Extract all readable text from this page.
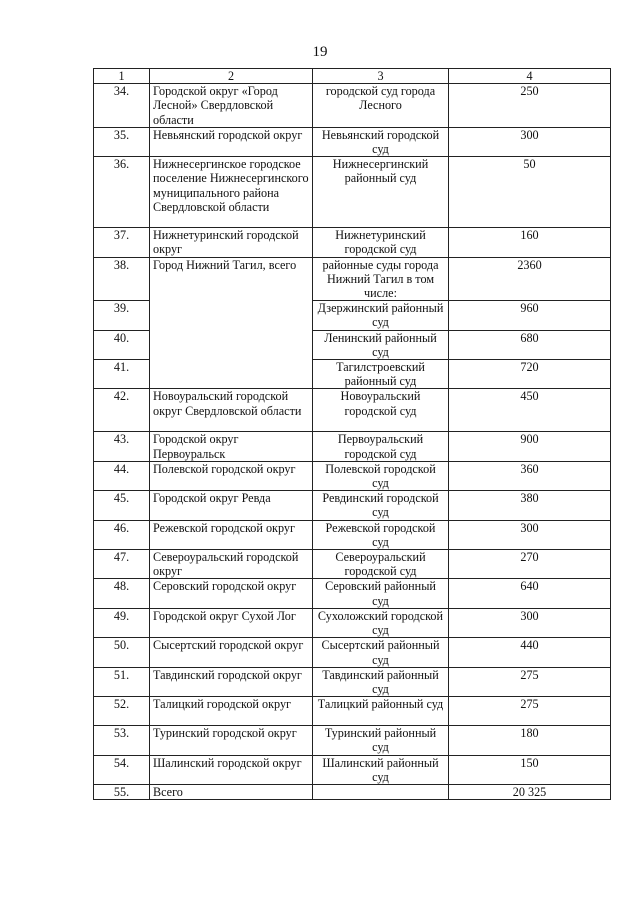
19
1	2	3	4
34.	Городской округ «Город Лесной» Свердловской области	городской суд города Лесного	250
35.	Невьянский городской округ	Невьянский городской суд	300
36.	Нижнесергинское городское поселение Нижнесергинского муниципального района Свердловской области	Нижнесергинский районный суд	50
37.	Нижнетуринский городской округ	Нижнетуринский городской суд	160
38.	Город Нижний Тагил, всего	районные суды города Нижний Тагил в том числе:	2360
39.		Дзержинский районный суд	960
40.		Ленинский районный суд	680
41.		Тагилстроевский районный суд	720
42.	Новоуральский городской округ Свердловской области	Новоуральский городской суд	450
43.	Городской округ Первоуральск	Первоуральский городской суд	900
44.	Полевской городской округ	Полевской городской суд	360
45.	Городской округ Ревда	Ревдинский городской суд	380
46.	Режевской городской округ	Режевской городской суд	300
47.	Североуральский городской округ	Североуральский городской суд	270
48.	Серовский городской округ	Серовский районный суд	640
49.	Городской округ Сухой Лог	Сухоложский городской суд	300
50.	Сысертский городской округ	Сысертский районный суд	440
51.	Тавдинский городской округ	Тавдинский районный суд	275
52.	Талицкий городской округ	Талицкий районный суд	275
53.	Туринский городской округ	Туринский районный суд	180
54.	Шалинский городской округ	Шалинский районный суд	150
55.	Всего		20 325
